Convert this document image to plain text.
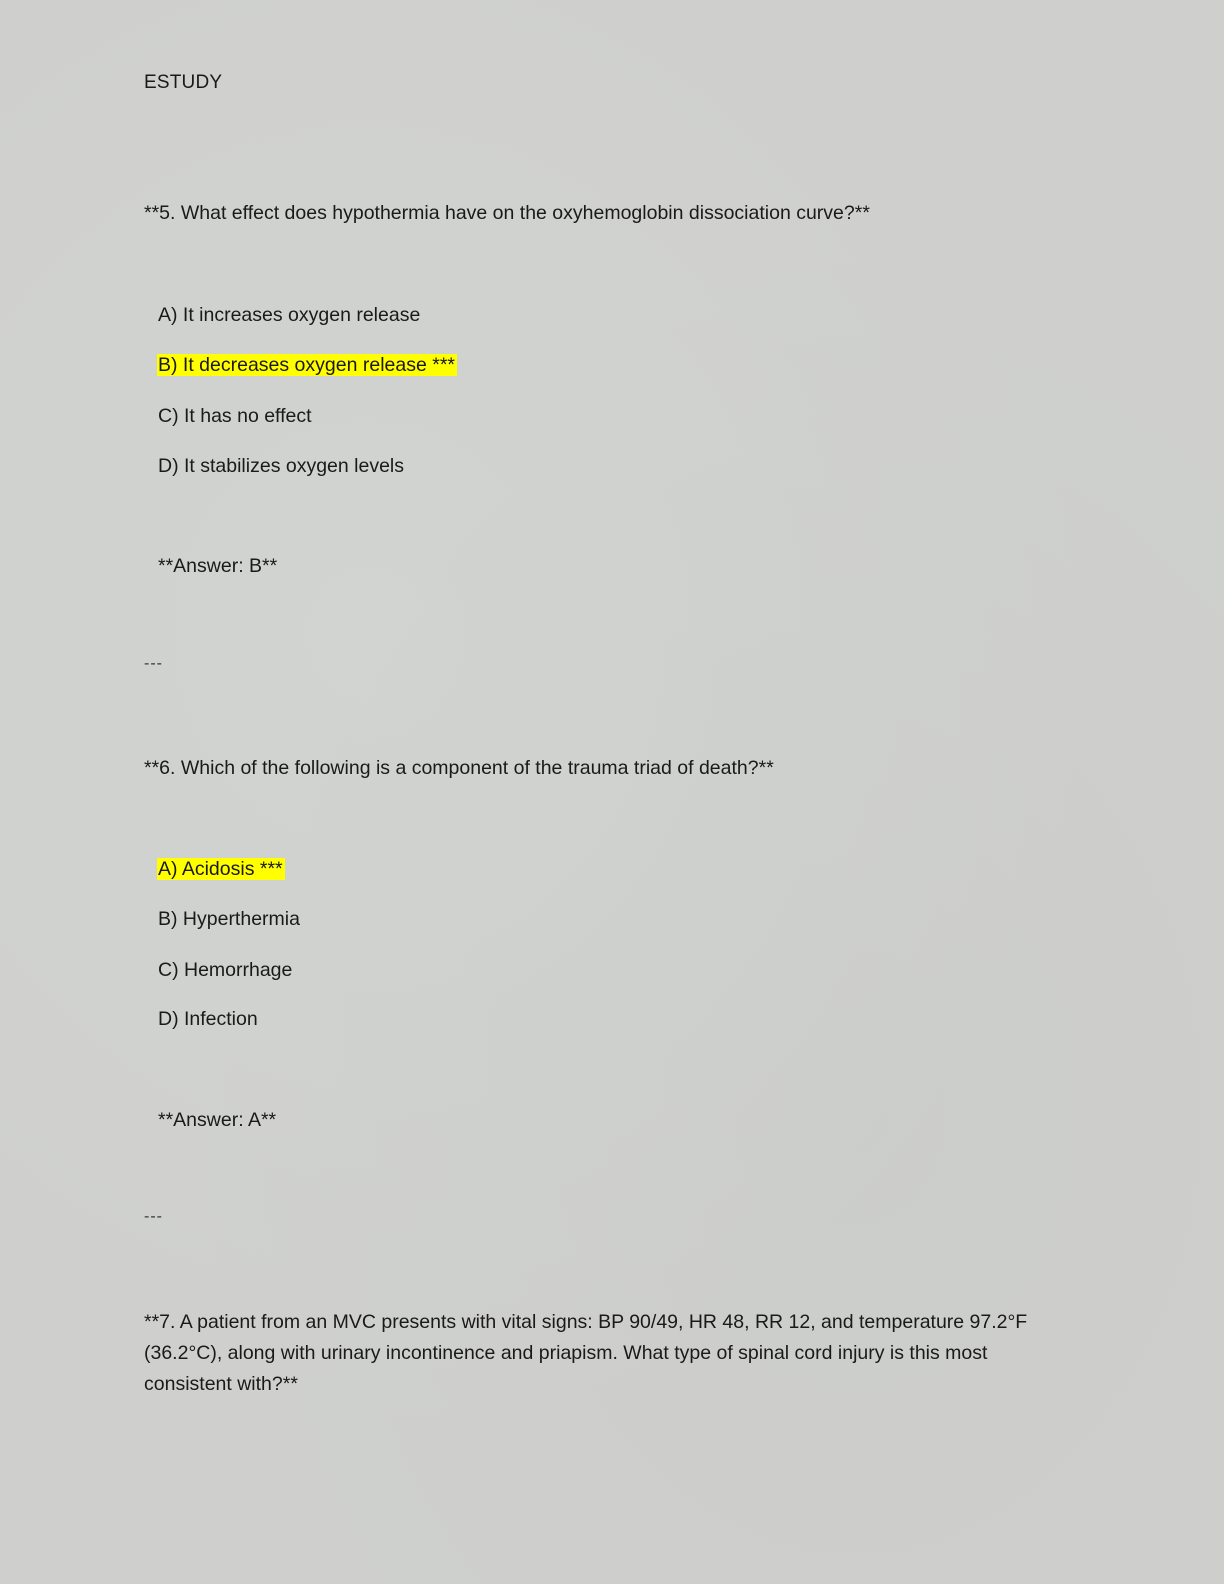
ESTUDY
**5. What effect does hypothermia have on the oxyhemoglobin dissociation curve?**
A) It increases oxygen release
B) It decreases oxygen release ***
C) It has no effect
D) It stabilizes oxygen levels
**Answer: B**
---
**6. Which of the following is a component of the trauma triad of death?**
A) Acidosis ***
B) Hyperthermia
C) Hemorrhage
D) Infection
**Answer: A**
---
**7. A patient from an MVC presents with vital signs: BP 90/49, HR 48, RR 12, and temperature 97.2°F (36.2°C), along with urinary incontinence and priapism. What type of spinal cord injury is this most consistent with?**
